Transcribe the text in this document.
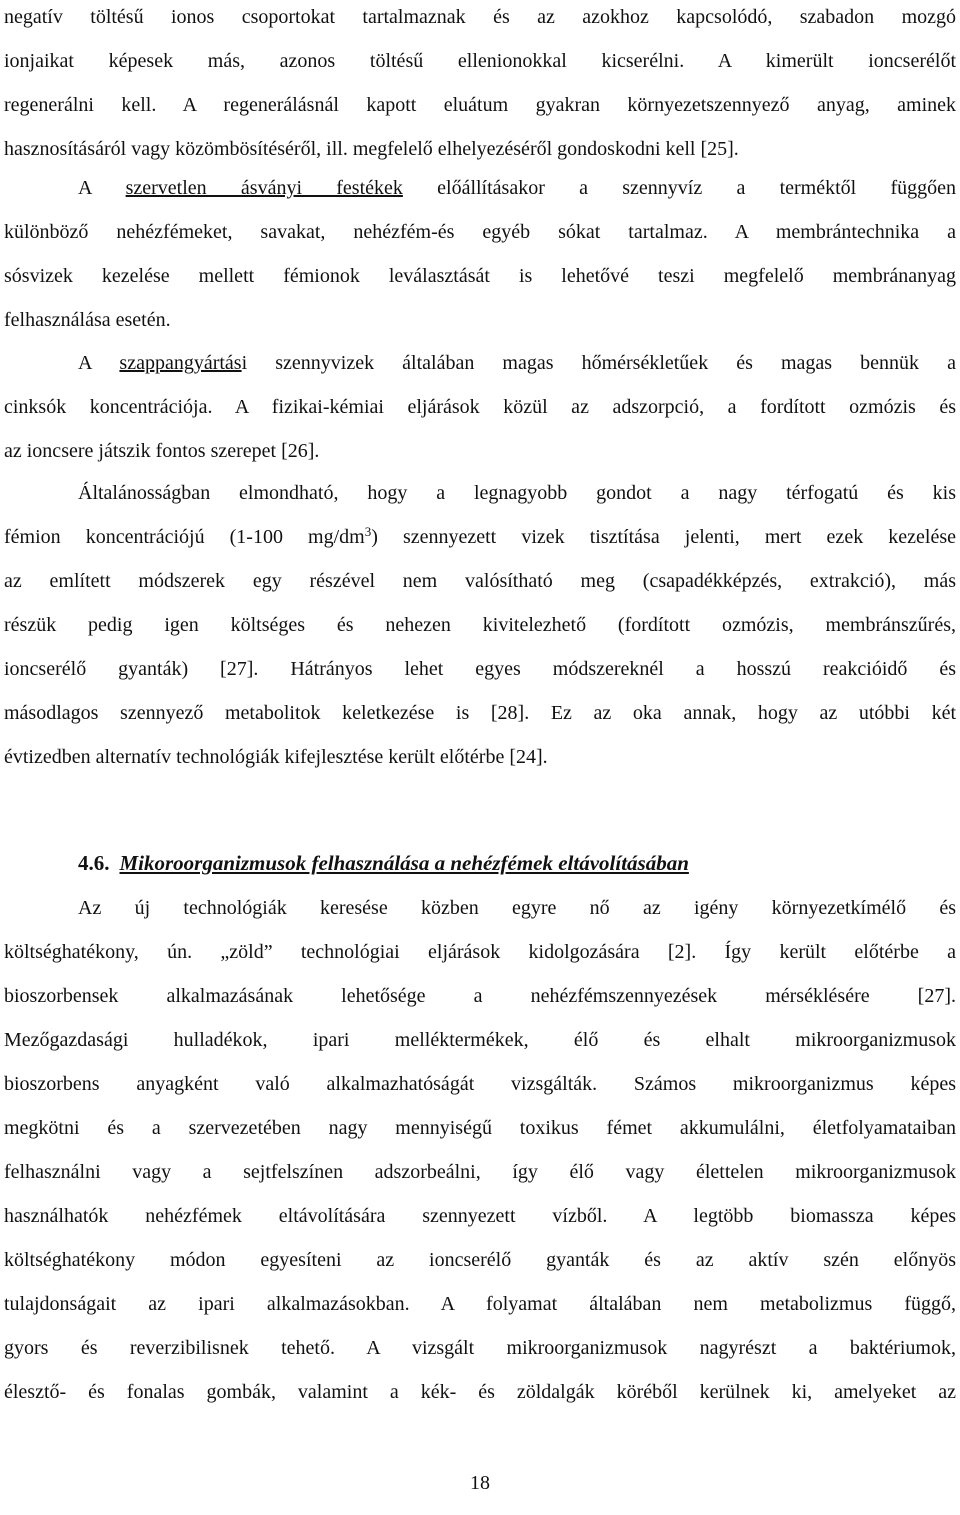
negatív töltésű ionos csoportokat tartalmaznak és az azokhoz kapcsolódó, szabadon mozgó
ionjaikat képesek más, azonos töltésű ellenionokkal kicserélni. A kimerült ioncserélőt
regenerálni kell. A regenerálásnál kapott eluátum gyakran környezetszennyező anyag, aminek
hasznosításáról vagy közömbösítéséről, ill. megfelelő elhelyezéséről gondoskodni kell [25].
A szervetlen ásványi festékek előállításakor a szennyvíz a terméktől függően
különböző nehézfémeket, savakat, nehézfém-és egyéb sókat tartalmaz. A membrántechnika a
sósvizek kezelése mellett fémionok leválasztását is lehetővé teszi megfelelő membránanyag
felhasználása esetén.
A szappangyártási szennyvizek általában magas hőmérsékletűek és magas bennük a
cinksók koncentrációja. A fizikai-kémiai eljárások közül az adszorpció, a fordított ozmózis és
az ioncsere játszik fontos szerepet [26].
Általánosságban elmondható, hogy a legnagyobb gondot a nagy térfogatú és kis
fémion koncentrációjú (1-100 $mg/dm^3$) szennyezett vizek tisztítása jelenti, mert ezek kezelése
az említett módszerek egy részével nem valósítható meg (csapadékképzés, extrakció), más
részük pedig igen költséges és nehezen kivitelezhető (fordított ozmózis, membránszűrés,
ioncserélő gyanták) [27]. Hátrányos lehet egyes módszereknél a hosszú reakcióidő és
másodlagos szennyező metabolitok keletkezése is [28]. Ez az oka annak, hogy az utóbbi két
évtizedben alternatív technológiák kifejlesztése került előtérbe [24].
4.6. Mikoroorganizmusok felhasználása a nehézfémek eltávolításában
Az új technológiák keresése közben egyre nő az igény környezetkímélő és
költséghatékony, ún. „zöld” technológiai eljárások kidolgozására [2]. Így került előtérbe a
bioszorbensek alkalmazásának lehetősége a nehézfémszennyezések mérséklésére [27].
Mezőgazdasági hulladékok, ipari melléktermékek, élő és elhalt mikroorganizmusok
bioszorbens anyagként való alkalmazhatóságát vizsgálták. Számos mikroorganizmus képes
megkötni és a szervezetében nagy mennyiségű toxikus fémet akkumulálni, életfolyamataiban
felhasználni vagy a sejtfelszínen adszorbeálni, így élő vagy élettelen mikroorganizmusok
használhatók nehézfémek eltávolítására szennyezett vízből. A legtöbb biomassza képes
költséghatékony módon egyesíteni az ioncserélő gyanták és az aktív szén előnyös
tulajdonságait az ipari alkalmazásokban. A folyamat általában nem metabolizmus függő,
gyors és reverzibilisnek tehető. A vizsgált mikroorganizmusok nagyrészt a baktériumok,
élesztő- és fonalas gombák, valamint a kék- és zöldalgák köréből kerülnek ki, amelyeket az
18
